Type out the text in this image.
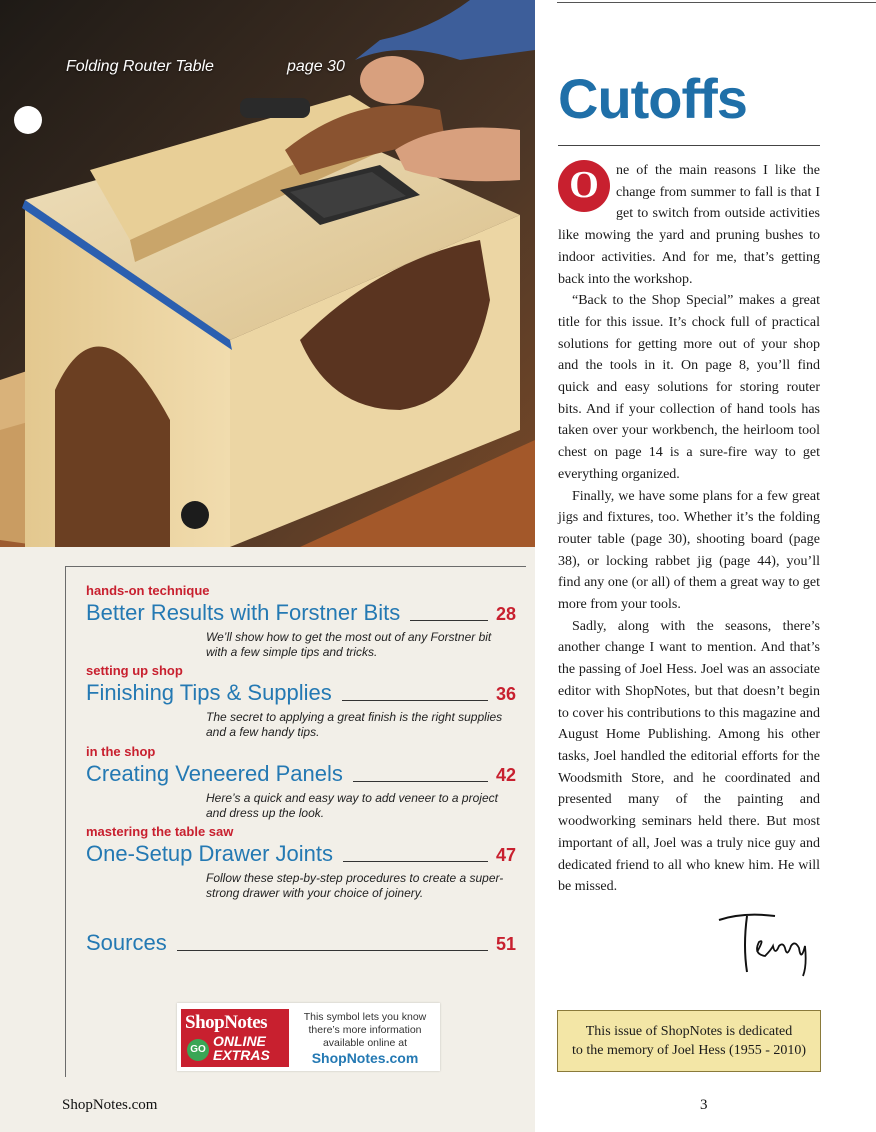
Folding Router Table	page 30
hands-on technique
Better Results with Forstner Bits	28
We’ll show how to get the most out of any Forstner bit with a few simple tips and tricks.
setting up shop
Finishing Tips & Supplies	36
The secret to applying a great finish is the right supplies and a few handy tips.
in the shop
Creating Veneered Panels	42
Here’s a quick and easy way to add veneer to a project and dress up the look.
mastering the table saw
One-Setup Drawer Joints	47
Follow these step-by-step procedures to create a super-strong drawer with your choice of joinery.
Sources	51
ShopNotes
GO
ONLINE
EXTRAS
This symbol lets you know
there’s more information
available online at
ShopNotes.com
ShopNotes.com	3
Cutoffs

O	ne of the main reasons I like the change from summer to fall is that I get to switch from outside activities like mowing the yard and pruning bushes to indoor activities. And for me, that’s getting back into the workshop.

“Back to the Shop Special” makes a great title for this issue. It’s chock full of practical solutions for getting more out of your shop and the tools in it. On page 8, you’ll find quick and easy solutions for storing router bits. And if your collection of hand tools has taken over your workbench, the heirloom tool chest on page 14 is a sure-fire way to get everything organized.

Finally, we have some plans for a few great jigs and fixtures, too. Whether it’s the folding router table (page 30), shooting board (page 38), or locking rabbet jig (page 44), you’ll find any one (or all) of them a great way to get more from your tools.

Sadly, along with the seasons, there’s another change I want to mention. And that’s the passing of Joel Hess. Joel was an associate editor with ShopNotes, but that doesn’t begin to cover his contributions to this magazine and August Home Publishing. Among his other tasks, Joel handled the editorial efforts for the Woodsmith Store, and he coordinated and presented many of the painting and woodworking seminars held there. But most important of all, Joel was a truly nice guy and dedicated friend to all who knew him. He will be missed.

This issue of ShopNotes is dedicated
to the memory of Joel Hess (1955 - 2010)
